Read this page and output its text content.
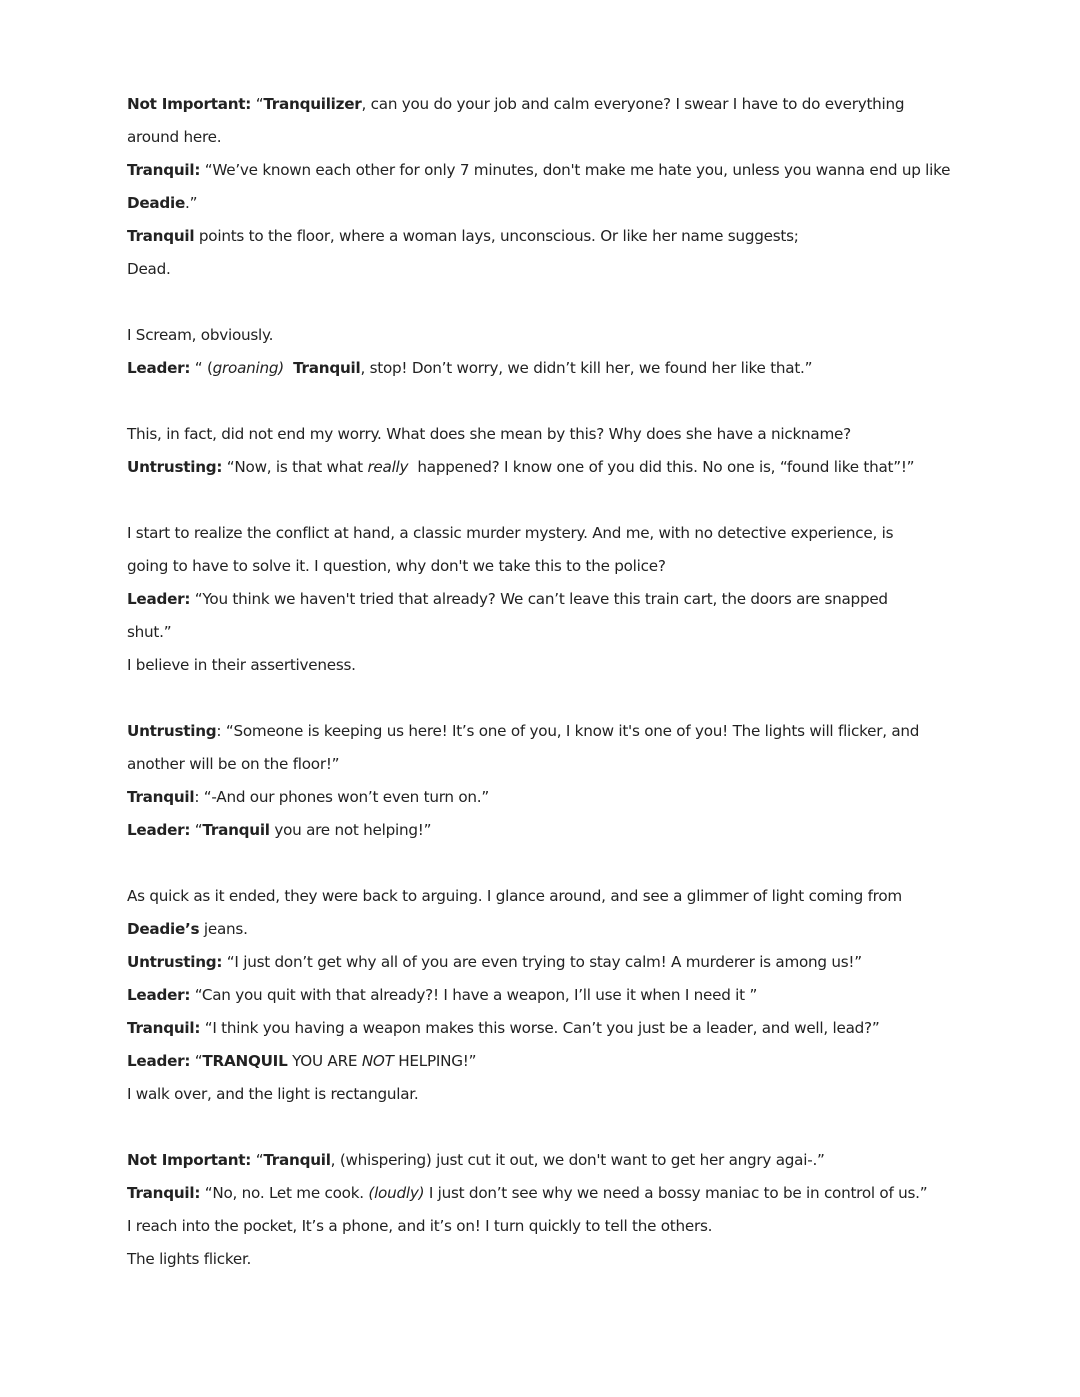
Not Important: “Tranquilizer, can you do your job and calm everyone? I swear I have to do everything
around here.
Tranquil: “We’ve known each other for only 7 minutes, don't make me hate you, unless you wanna end up like
Deadie.”
Tranquil points to the floor, where a woman lays, unconscious. Or like her name suggests;
Dead.
I Scream, obviously.
Leader: “ (groaning) Tranquil, stop! Don’t worry, we didn’t kill her, we found her like that.”
This, in fact, did not end my worry. What does she mean by this? Why does she have a nickname?
Untrusting: “Now, is that what really  happened? I know one of you did this. No one is, “found like that”!”
I start to realize the conflict at hand, a classic murder mystery. And me, with no detective experience, is
going to have to solve it. I question, why don't we take this to the police?
Leader: “You think we haven't tried that already? We can’t leave this train cart, the doors are snapped
shut.”
I believe in their assertiveness.
Untrusting: “Someone is keeping us here! It’s one of you, I know it's one of you! The lights will flicker, and
another will be on the floor!”
Tranquil: “-And our phones won’t even turn on.”
Leader: “Tranquil you are not helping!”
As quick as it ended, they were back to arguing. I glance around, and see a glimmer of light coming from
Deadie’s jeans.
Untrusting: “I just don’t get why all of you are even trying to stay calm! A murderer is among us!”
Leader: “Can you quit with that already?! I have a weapon, I’ll use it when I need it ”
Tranquil: “I think you having a weapon makes this worse. Can’t you just be a leader, and well, lead?”
Leader: “TRANQUIL YOU ARE NOT HELPING!”
I walk over, and the light is rectangular.
Not Important: “Tranquil, (whispering) just cut it out, we don't want to get her angry agai-.”
Tranquil: “No, no. Let me cook. (loudly) I just don’t see why we need a bossy maniac to be in control of us.”
I reach into the pocket, It’s a phone, and it’s on! I turn quickly to tell the others.
The lights flicker.
